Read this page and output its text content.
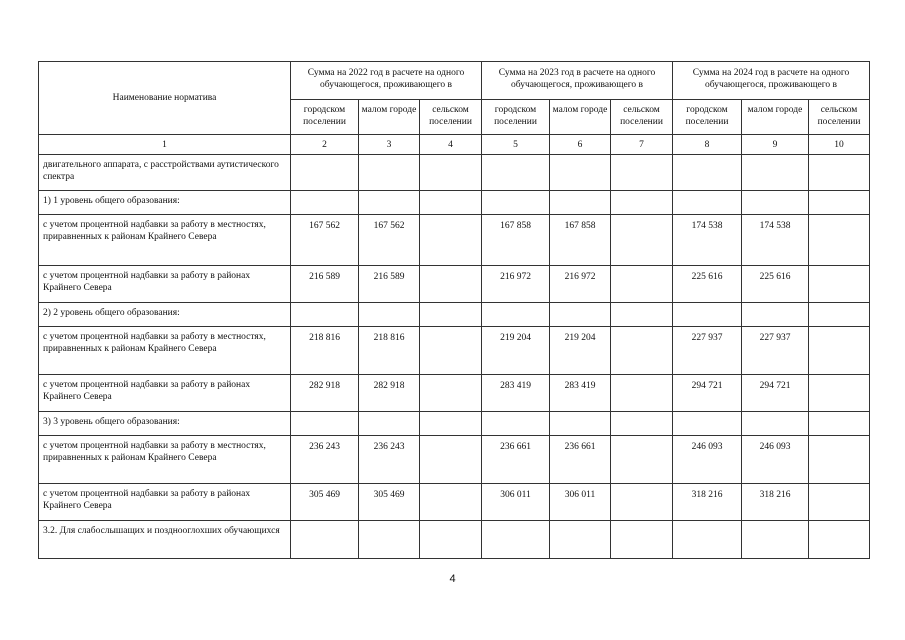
Наименование норматива	Сумма на 2022 год в расчете на одного обучающегося, проживающего в			Сумма на 2023 год в расчете на одного обучающегося, проживающего в			Сумма на 2024 год в расчете на одного обучающегося, проживающего в		
	городском поселении	малом городе	сельском поселении	городском поселении	малом городе	сельском поселении	городском поселении	малом городе	сельском поселении
1	2	3	4	5	6	7	8	9	10
двигательного аппарата, с расстройствами аутистического спектра									
1) 1 уровень общего образования:									
с учетом процентной надбавки за работу в местностях, приравненных к районам Крайнего Севера	167 562	167 562		167 858	167 858		174 538	174 538	
с учетом процентной надбавки за работу в районах Крайнего Севера	216 589	216 589		216 972	216 972		225 616	225 616	
2) 2 уровень общего образования:									
с учетом процентной надбавки за работу в местностях, приравненных к районам Крайнего Севера	218 816	218 816		219 204	219 204		227 937	227 937	
с учетом процентной надбавки за работу в районах Крайнего Севера	282 918	282 918		283 419	283 419		294 721	294 721	
3) 3 уровень общего образования:									
с учетом процентной надбавки за работу в местностях, приравненных к районам Крайнего Севера	236 243	236 243		236 661	236 661		246 093	246 093	
с учетом процентной надбавки за работу в районах Крайнего Севера	305 469	305 469		306 011	306 011		318 216	318 216	
3.2. Для слабослышащих и позднооглохших обучающихся									
4
